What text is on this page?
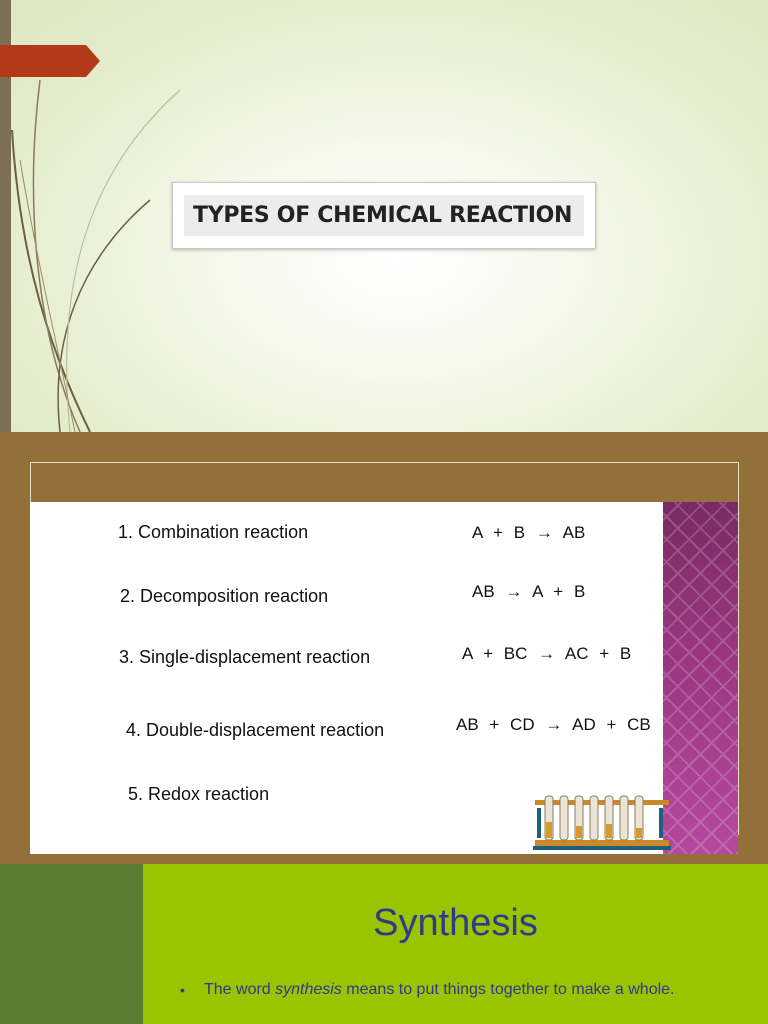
TYPES OF CHEMICAL REACTION
1. Combination reaction	A + B → AB
2. Decomposition reaction	AB → A + B
3. Single-displacement reaction	A + BC → AC + B
4. Double-displacement reaction	AB + CD → AD + CB
5. Redox reaction
Synthesis
• The word synthesis means to put things together to make a whole.
